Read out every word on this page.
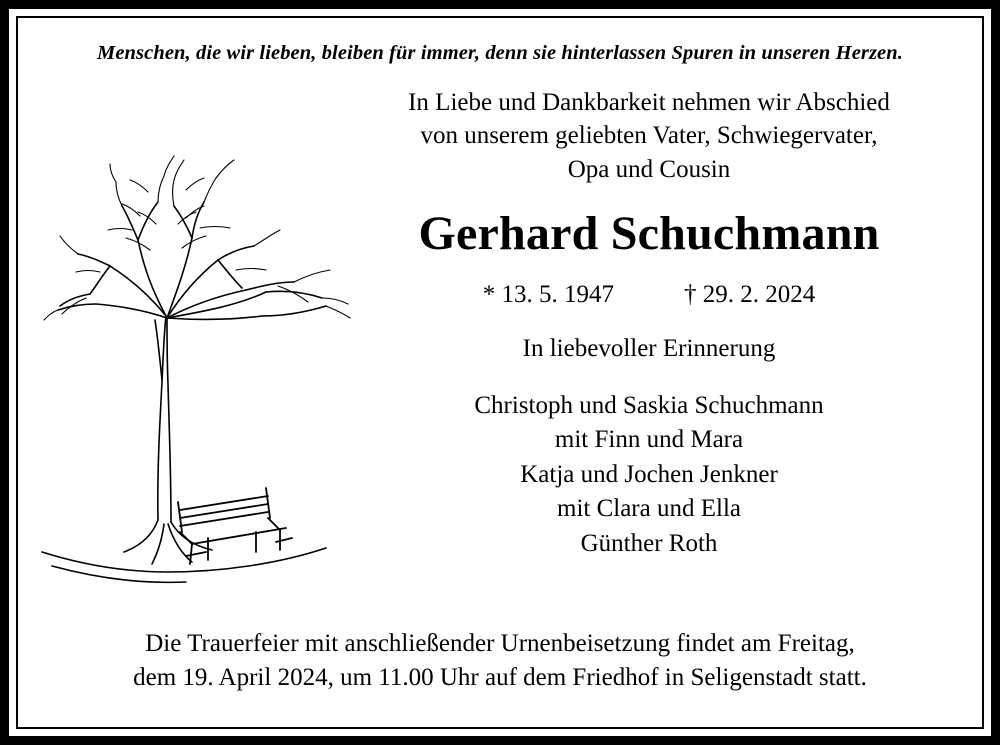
Menschen, die wir lieben, bleiben für immer, denn sie hinterlassen Spuren in unseren Herzen.
In Liebe und Dankbarkeit nehmen wir Abschied
von unserem geliebten Vater, Schwiegervater,
Opa und Cousin
Gerhard Schuchmann
* 13. 5. 1947	† 29. 2. 2024
In liebevoller Erinnerung
Christoph und Saskia Schuchmann
mit Finn und Mara
Katja und Jochen Jenkner
mit Clara und Ella
Günther Roth
Die Trauerfeier mit anschließender Urnenbeisetzung findet am Freitag,
dem 19. April 2024, um 11.00 Uhr auf dem Friedhof in Seligenstadt statt.
